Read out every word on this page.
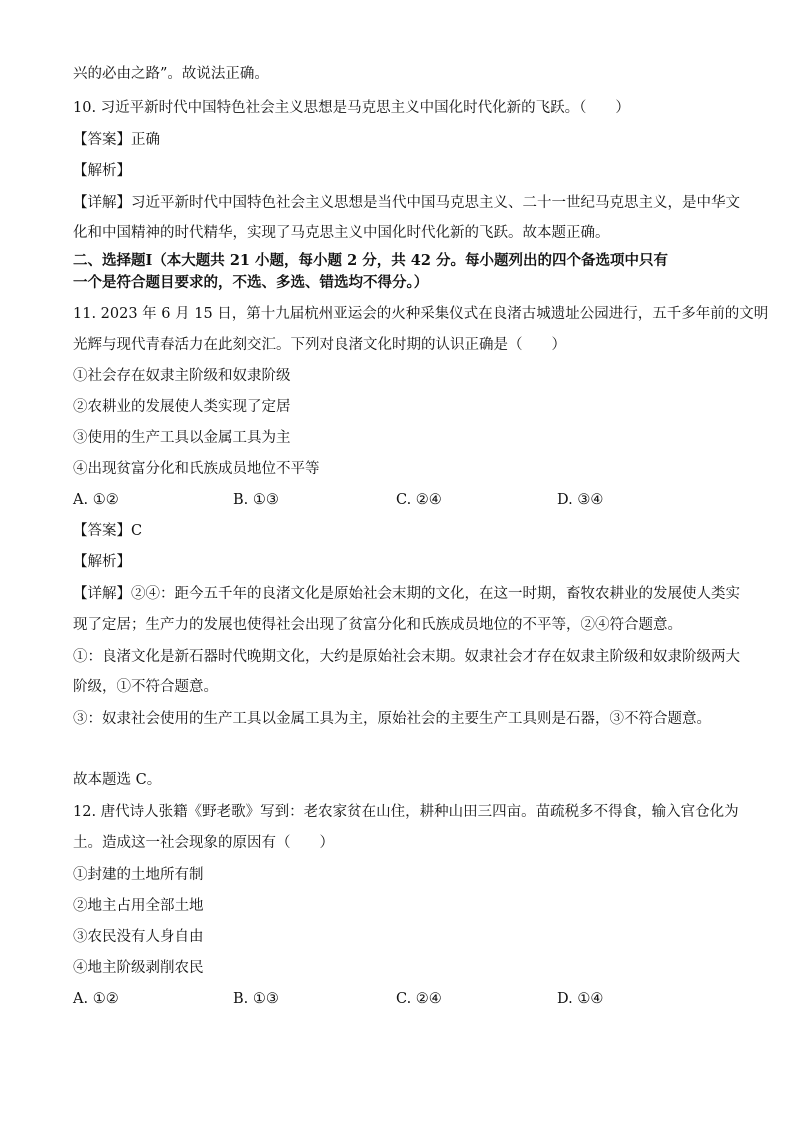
兴的必由之路”。故说法正确。
10. 习近平新时代中国特色社会主义思想是马克思主义中国化时代化新的飞跃。（　　）
【答案】正确
【解析】
【详解】习近平新时代中国特色社会主义思想是当代中国马克思主义、二十一世纪马克思主义，是中华文
化和中国精神的时代精华，实现了马克思主义中国化时代化新的飞跃。故本题正确。
二、选择题Ⅰ（本大题共 21 小题，每小题 2 分，共 42 分。每小题列出的四个备选项中只有
一个是符合题目要求的，不选、多选、错选均不得分。）
11. 2023 年 6 月 15 日，第十九届杭州亚运会的火种采集仪式在良渚古城遗址公园进行，五千多年前的文明
光辉与现代青春活力在此刻交汇。下列对良渚文化时期的认识正确是（　　）
①社会存在奴隶主阶级和奴隶阶级
②农耕业的发展使人类实现了定居
③使用的生产工具以金属工具为主
④出现贫富分化和氏族成员地位不平等
A. ①②	B. ①③	C. ②④	D. ③④
【答案】C
【解析】
【详解】②④：距今五千年的良渚文化是原始社会末期的文化，在这一时期，畜牧农耕业的发展使人类实
现了定居；生产力的发展也使得社会出现了贫富分化和氏族成员地位的不平等，②④符合题意。
①：良渚文化是新石器时代晚期文化，大约是原始社会末期。奴隶社会才存在奴隶主阶级和奴隶阶级两大
阶级，①不符合题意。
③：奴隶社会使用的生产工具以金属工具为主，原始社会的主要生产工具则是石器，③不符合题意。
故本题选 C。
12. 唐代诗人张籍《野老歌》写到：老农家贫在山住，耕种山田三四亩。苗疏税多不得食，输入官仓化为
土。造成这一社会现象的原因有（　　）
①封建的土地所有制
②地主占用全部土地
③农民没有人身自由
④地主阶级剥削农民
A. ①②	B. ①③	C. ②④	D. ①④
